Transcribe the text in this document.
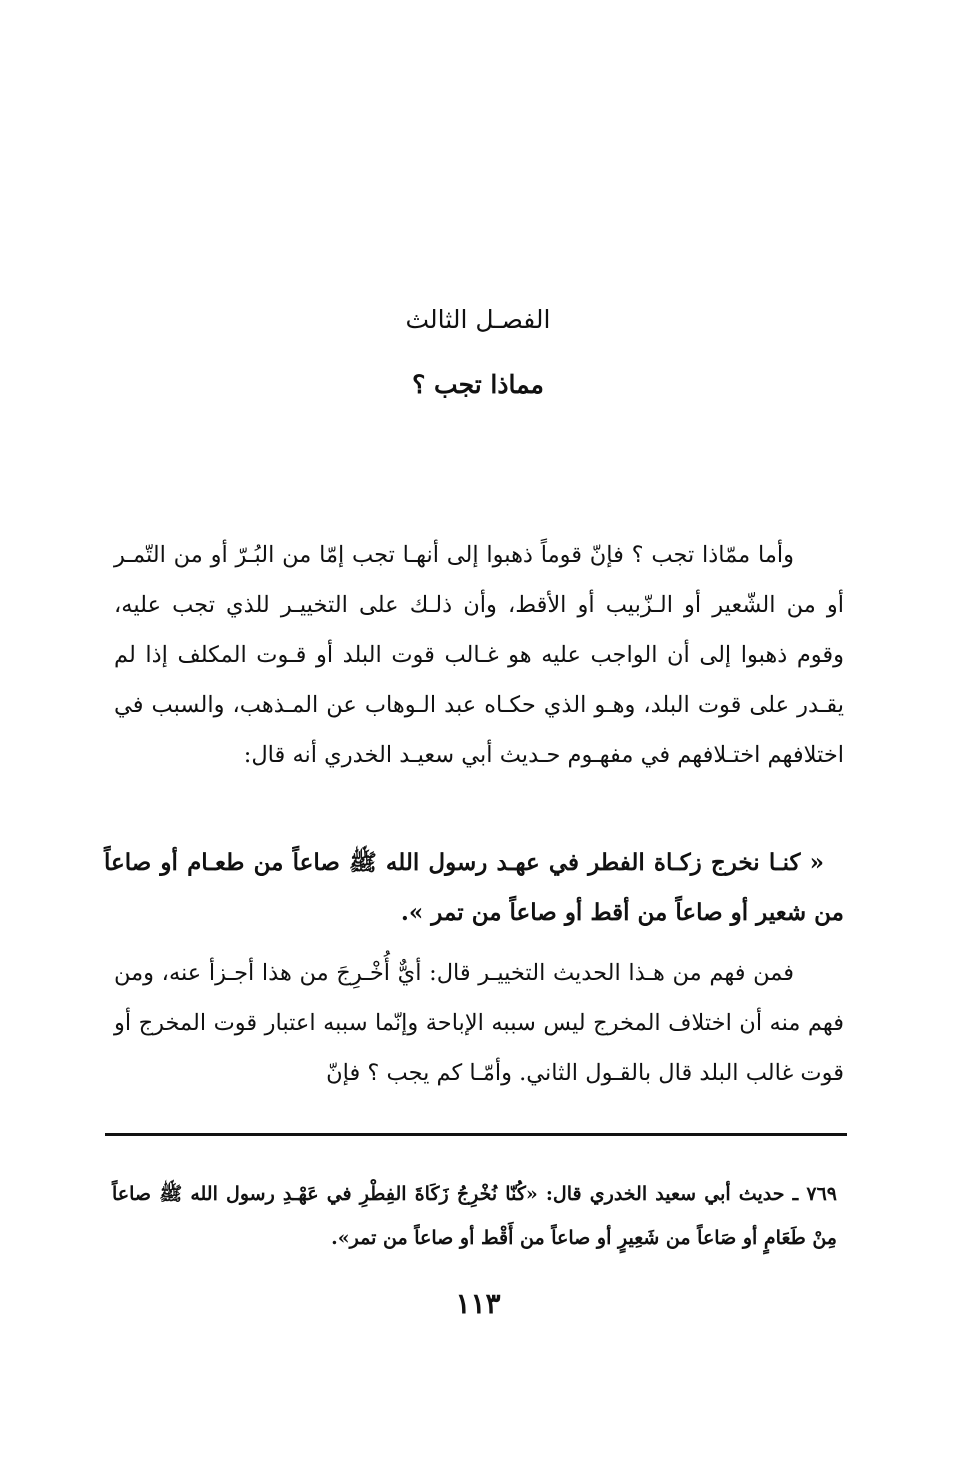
الفصـل الثالث
مماذا تجب ؟

وأما ممّاذا تجب ؟ فإنّ قوماً ذهبوا إلى أنهـا تجب إمّا من البُـرّ أو من التّمـر أو من الشّعير أو الـزّبيب أو الأقط، وأن ذلـك على التخييـر للذي تجب عليه، وقوم ذهبوا إلى أن الواجب عليه هو غـالب قوت البلد أو قـوت المكلف إذا لم يقـدر على قوت البلد، وهـو الذي حكـاه عبد الـوهاب عن المـذهب، والسبب في اختلافهم اختـلافهم في مفهـوم حـديث أبي سعيـد الخدري أنه قال:

« كنـا نخرج زكـاة الفطر في عهـد رسول الله ﷺ صاعاً من طعـام أو صاعاً من شعير أو صاعاً من أقط أو صاعاً من تمر ».

فمن فهم من هـذا الحديث التخييـر قال: أيٌّ أُخْـرِجَ من هذا أجـزأ عنه، ومن فهم منه أن اختلاف المخرج ليس سببه الإباحة وإنّما سببه اعتبار قوت المخرج أو قوت غالب البلد قال بالقـول الثاني. وأمّـا كم يجب ؟ فإنّ

٧٦٩ ـ حديث أبي سعيد الخدري قال: «كُنّا نُخْرِجُ زَكَاةَ الفِطْرِ في عَهْـدِ رسول الله ﷺ صاعاً مِنْ طَعَامٍ أو صَاعاً من شَعِيرٍ أو صاعاً من أَقْط أو صاعاً من تمر».

١١٣
